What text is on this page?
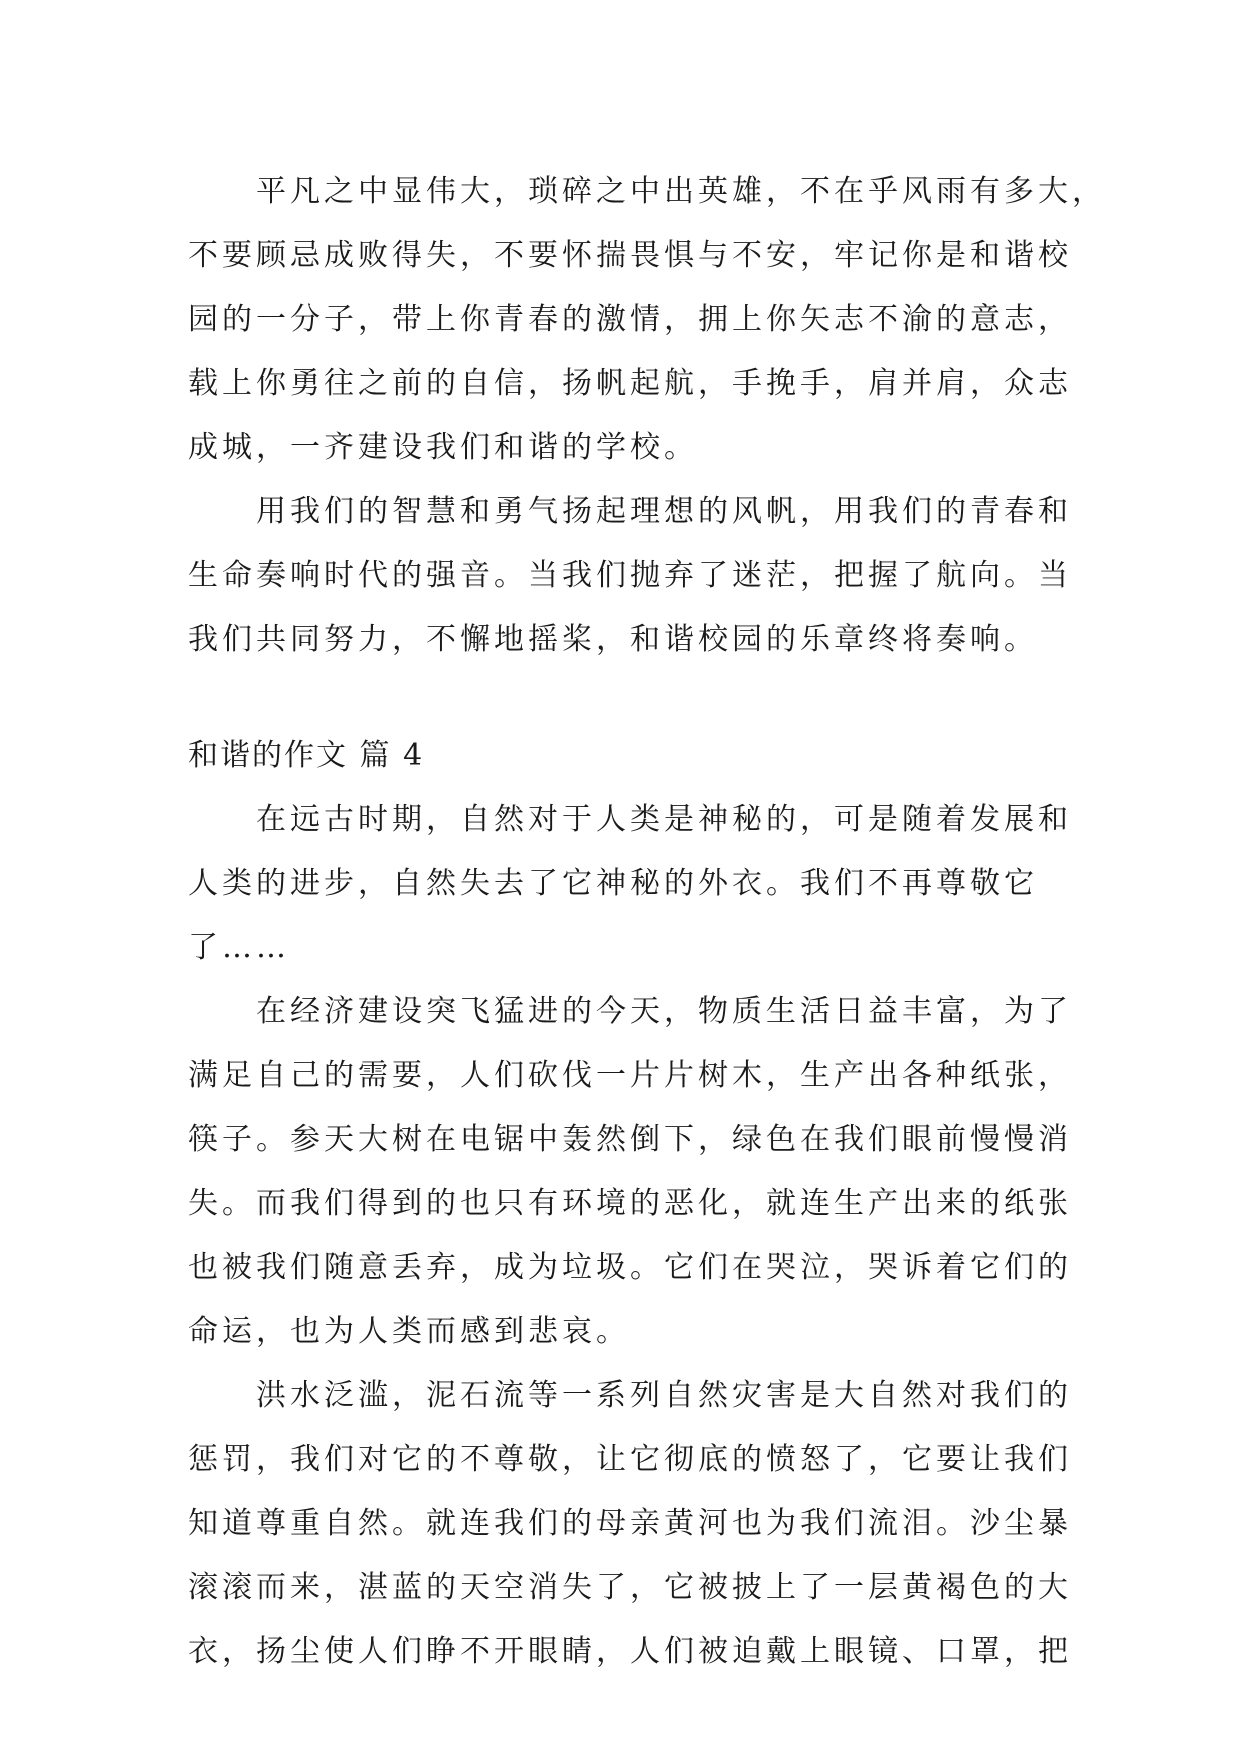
平凡之中显伟大，琐碎之中出英雄，不在乎风雨有多大，
不要顾忌成败得失，不要怀揣畏惧与不安，牢记你是和谐校
园的一分子，带上你青春的激情，拥上你矢志不渝的意志，
载上你勇往之前的自信，扬帆起航，手挽手，肩并肩，众志
成城，一齐建设我们和谐的学校。
用我们的智慧和勇气扬起理想的风帆，用我们的青春和
生命奏响时代的强音。当我们抛弃了迷茫，把握了航向。当
我们共同努力，不懈地摇桨，和谐校园的乐章终将奏响。
和谐的作文 篇 4
在远古时期，自然对于人类是神秘的，可是随着发展和
人类的进步，自然失去了它神秘的外衣。我们不再尊敬它
了……
在经济建设突飞猛进的今天，物质生活日益丰富，为了
满足自己的需要，人们砍伐一片片树木，生产出各种纸张，
筷子。参天大树在电锯中轰然倒下，绿色在我们眼前慢慢消
失。而我们得到的也只有环境的恶化，就连生产出来的纸张
也被我们随意丢弃，成为垃圾。它们在哭泣，哭诉着它们的
命运，也为人类而感到悲哀。
洪水泛滥，泥石流等一系列自然灾害是大自然对我们的
惩罚，我们对它的不尊敬，让它彻底的愤怒了，它要让我们
知道尊重自然。就连我们的母亲黄河也为我们流泪。沙尘暴
滚滚而来，湛蓝的天空消失了，它被披上了一层黄褐色的大
衣，扬尘使人们睁不开眼睛，人们被迫戴上眼镜、口罩，把
